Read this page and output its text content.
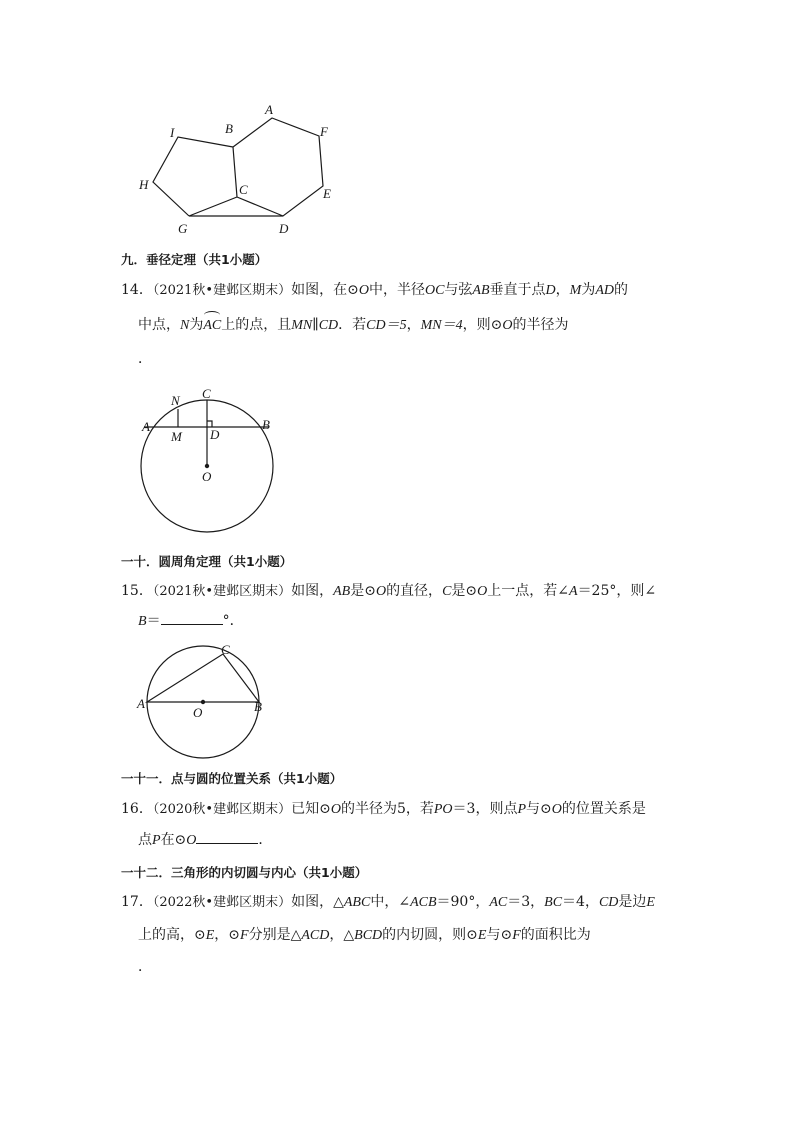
A
B	F
I
H	C	E
G	D
九．垂径定理（共1小题）
14．（2021秋•建邺区期末）如图，在⊙O中，半径OC与弦AB垂直于点D，M为AD的
中点，N为AC上的点，且MN∥CD．若CD＝5，MN＝4，则⊙O的半径为
．
N C
A
M D
B
O
一十．圆周角定理（共1小题）
15．（2021秋•建邺区期末）如图，AB是⊙O的直径，C是⊙O上一点，若∠A＝25°，则∠
B＝	°．
C
A
O	B
一十一．点与圆的位置关系（共1小题）
16．（2020秋•建邺区期末）已知⊙O的半径为5，若PO＝3，则点P与⊙O的位置关系是
点P在⊙O	．
一十二．三角形的内切圆与内心（共1小题）
17．（2022秋•建邺区期末）如图，△ABC中，∠ACB＝90°，AC＝3，BC＝4，CD是边E
上的高，⊙E，⊙F分别是△ACD，△BCD的内切圆，则⊙E与⊙F的面积比为
．
